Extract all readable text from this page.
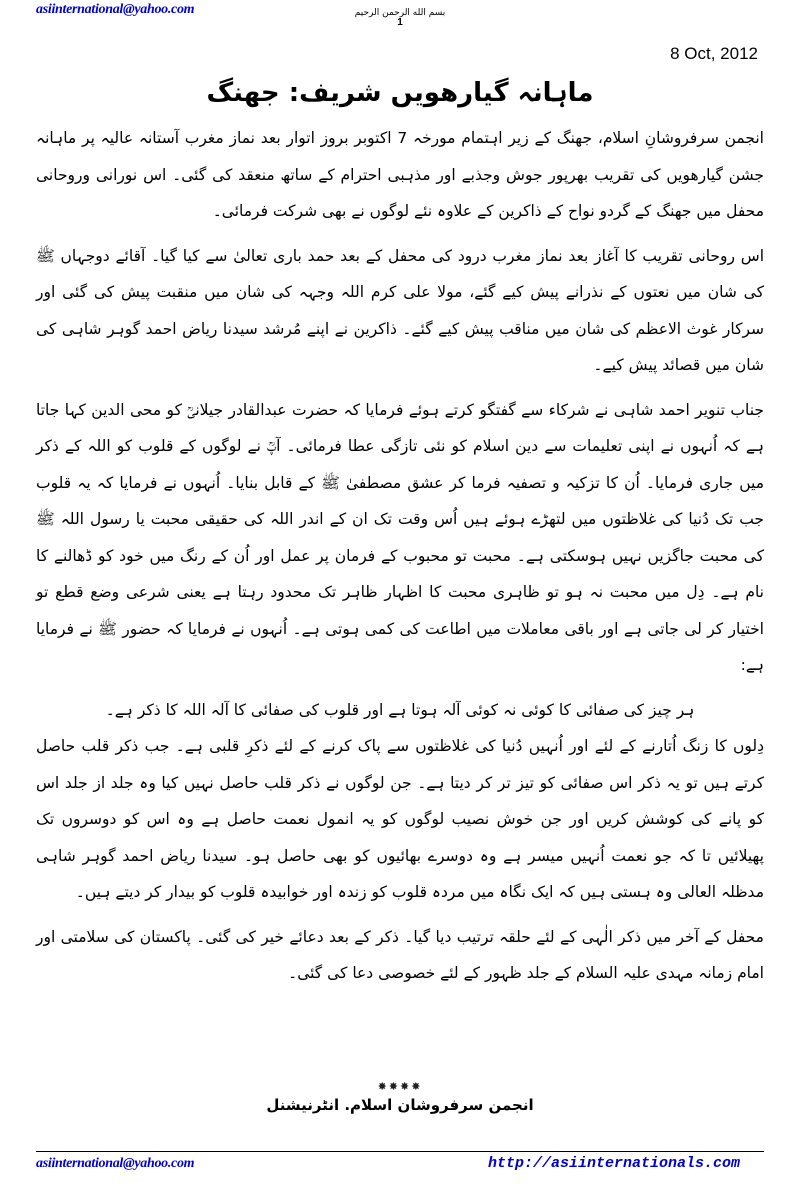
asiinternational@yahoo.com	بسم الله الرحمن الرحیم
1
8 Oct, 2012
ماہانہ گیارھویں شریف: جھنگ

انجمن سرفروشانِ اسلام، جھنگ کے زیر اہتمام مورخہ 7 اکتوبر بروز اتوار بعد نماز مغرب آستانہ عالیہ پر ماہانہ جشن گیارھویں کی تقریب بھرپور جوش وجذبے اور مذہبی احترام کے ساتھ منعقد کی گئی۔ اس نورانی وروحانی محفل میں جھنگ کے گردو نواح کے ذاکرین کے علاوہ نئے لوگوں نے بھی شرکت فرمائی۔

اس روحانی تقریب کا آغاز بعد نماز مغرب درود کی محفل کے بعد حمد باری تعالیٰ سے کیا گیا۔ آقائے دوجہاں ﷺ کی شان میں نعتوں کے نذرانے پیش کیے گئے، مولا علی کرم اللہ وجہہ کی شان میں منقبت پیش کی گئی اور سرکار غوث الاعظم کی شان میں مناقب پیش کیے گئے۔ ذاکرین نے اپنے مُرشد سیدنا ریاض احمد گوہر شاہی کی شان میں قصائد پیش کیے۔

جناب تنویر احمد شاہی نے شرکاء سے گفتگو کرتے ہوئے فرمایا کہ حضرت عبدالقادر جیلانیؒ کو محی الدین کہا جاتا ہے کہ اُنہوں نے اپنی تعلیمات سے دین اسلام کو نئی تازگی عطا فرمائی۔ آپؒ نے لوگوں کے قلوب کو اللہ کے ذکر میں جاری فرمایا۔ اُن کا تزکیہ و تصفیہ فرما کر عشق مصطفیٰ ﷺ کے قابل بنایا۔ اُنہوں نے فرمایا کہ یہ قلوب جب تک دُنیا کی غلاظتوں میں لتھڑے ہوئے ہیں اُس وقت تک ان کے اندر اللہ کی حقیقی محبت یا رسول اللہ ﷺ کی محبت جاگزیں نہیں ہوسکتی ہے۔ محبت تو محبوب کے فرمان پر عمل اور اُن کے رنگ میں خود کو ڈھالنے کا نام ہے۔ دِل میں محبت نہ ہو تو ظاہری محبت کا اظہار ظاہر تک محدود رہتا ہے یعنی شرعی وضع قطع تو اختیار کر لی جاتی ہے اور باقی معاملات میں اطاعت کی کمی ہوتی ہے۔ اُنہوں نے فرمایا کہ حضور ﷺ نے فرمایا ہے:

ہر چیز کی صفائی کا کوئی نہ کوئی آلہ ہوتا ہے اور قلوب کی صفائی کا آلہ اللہ کا ذکر ہے۔

دِلوں کا زنگ اُتارنے کے لئے اور اُنہیں دُنیا کی غلاظتوں سے پاک کرنے کے لئے ذکرِ قلبی ہے۔ جب ذکر قلب حاصل کرتے ہیں تو یہ ذکر اس صفائی کو تیز تر کر دیتا ہے۔ جن لوگوں نے ذکر قلب حاصل نہیں کیا وہ جلد از جلد اس کو پانے کی کوشش کریں اور جن خوش نصیب لوگوں کو یہ انمول نعمت حاصل ہے وہ اس کو دوسروں تک پھیلائیں تا کہ جو نعمت اُنہیں میسر ہے وہ دوسرے بھائیوں کو بھی حاصل ہو۔ سیدنا ریاض احمد گوہر شاہی مدظلہ العالی وہ ہستی ہیں کہ ایک نگاہ میں مردہ قلوب کو زندہ اور خوابیدہ قلوب کو بیدار کر دیتے ہیں۔

محفل کے آخر میں ذکر الٰہی کے لئے حلقہ ترتیب دیا گیا۔ ذکر کے بعد دعائے خیر کی گئی۔ پاکستان کی سلامتی اور امام زمانہ مہدی علیہ السلام کے جلد ظہور کے لئے خصوصی دعا کی گئی۔

✸✸✸✸
انجمن سرفروشان اسلام. انٹرنیشنل
asiinternational@yahoo.com	http://asiinternationals.com
